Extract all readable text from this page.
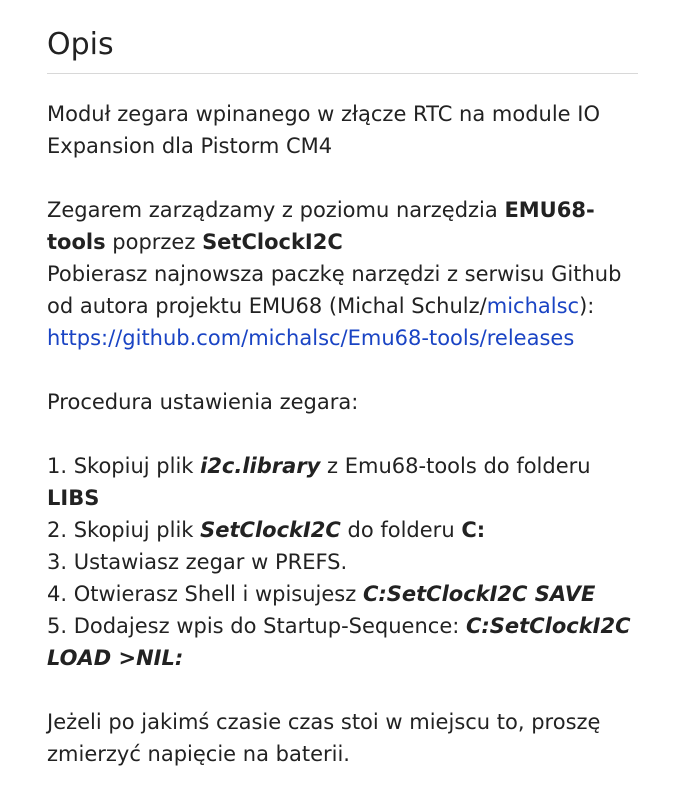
Opis

Moduł zegara wpinanego w złącze RTC na module IO Expansion dla Pistorm CM4

Zegarem zarządzamy z poziomu narzędzia EMU68-tools poprzez SetClockI2C
Pobierasz najnowsza paczkę narzędzi z serwisu Github od autora projektu EMU68 (Michal Schulz/michalsc):
https://github.com/michalsc/Emu68-tools/releases

Procedura ustawienia zegara:

1. Skopiuj plik i2c.library z Emu68-tools do folderu LIBS
2. Skopiuj plik SetClockI2C do folderu C:
3. Ustawiasz zegar w PREFS.
4. Otwierasz Shell i wpisujesz C:SetClockI2C SAVE
5. Dodajesz wpis do Startup-Sequence: C:SetClockI2C LOAD >NIL:

Jeżeli po jakimś czasie czas stoi w miejscu to, proszę zmierzyć napięcie na baterii.
